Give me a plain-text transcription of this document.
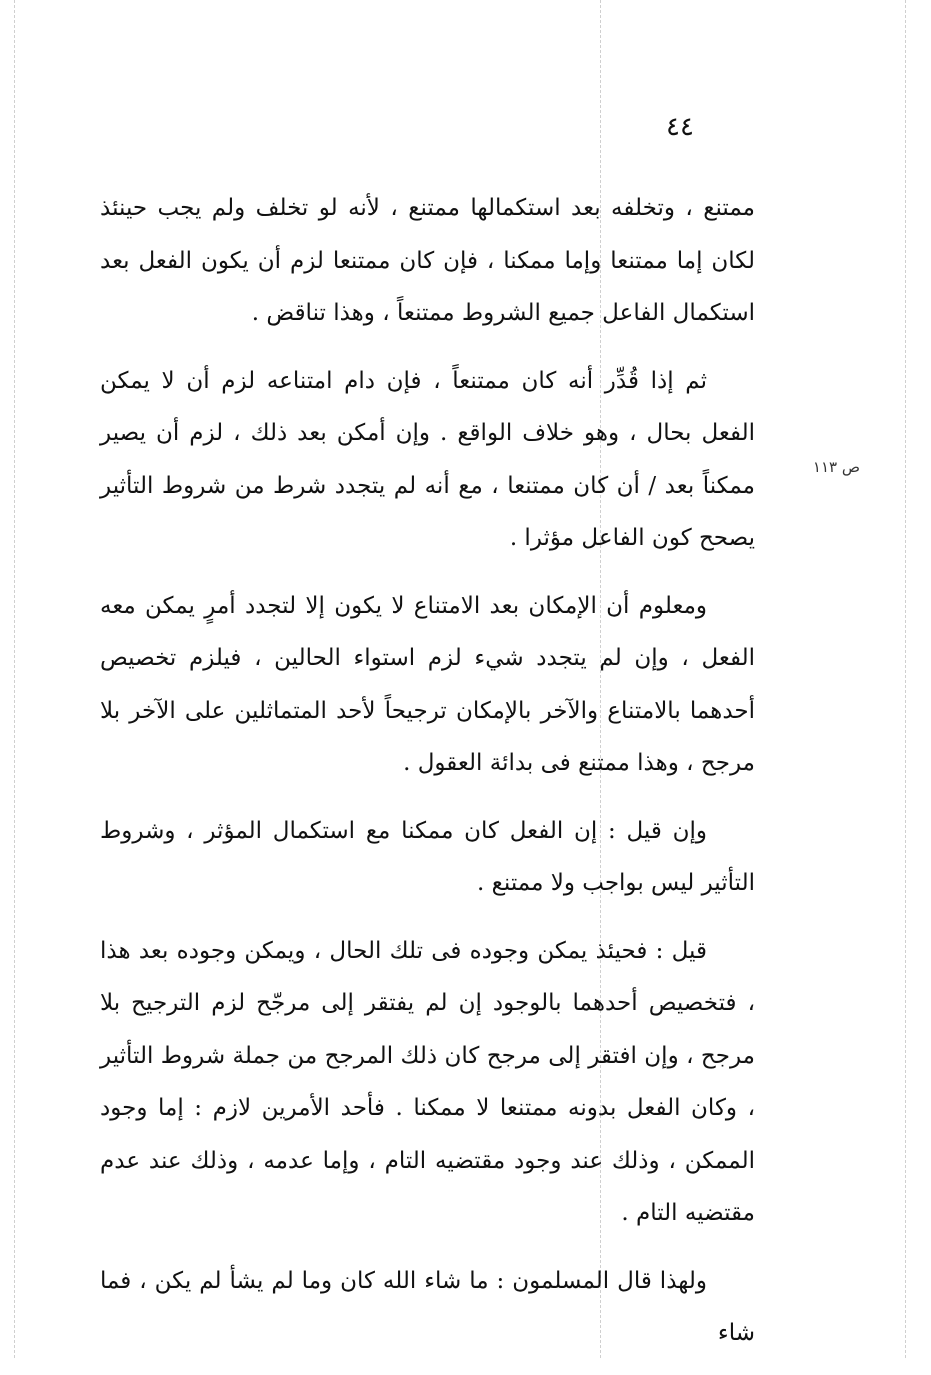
٤٤
ص ١١٣

ممتنع ، وتخلفه بعد استكمالها ممتنع ، لأنه لو تخلف ولم يجب حينئذ لكان إما ممتنعا وإما ممكنا ، فإن كان ممتنعا لزم أن يكون الفعل بعد استكمال الفاعل جميع الشروط ممتنعاً ، وهذا تناقض .

ثم إذا قُدِّر أنه كان ممتنعاً ، فإن دام امتناعه لزم أن لا يمكن الفعل بحال ، وهو خلاف الواقع . وإن أمكن بعد ذلك ، لزم أن يصير ممكناً بعد / أن كان ممتنعا ، مع أنه لم يتجدد شرط من شروط التأثير يصحح كون الفاعل مؤثرا .

ومعلوم أن الإمكان بعد الامتناع لا يكون إلا لتجدد أمرٍ يمكن معه الفعل ، وإن لم يتجدد شيء لزم استواء الحالين ، فيلزم تخصيص أحدهما بالامتناع والآخر بالإمكان ترجيحاً لأحد المتماثلين على الآخر بلا مرجح ، وهذا ممتنع فى بدائة العقول .

وإن قيل : إن الفعل كان ممكنا مع استكمال المؤثر ، وشروط التأثير ليس بواجب ولا ممتنع .

قيل : فحيئذ يمكن وجوده فى تلك الحال ، ويمكن وجوده بعد هذا ، فتخصيص أحدهما بالوجود إن لم يفتقر إلى مرجّح لزم الترجيح بلا مرجح ، وإن افتقر إلى مرجح كان ذلك المرجح من جملة شروط التأثير ، وكان الفعل بدونه ممتنعا لا ممكنا . فأحد الأمرين لازم : إما وجود الممكن ، وذلك عند وجود مقتضيه التام ، وإما عدمه ، وذلك عند عدم مقتضيه التام .

ولهذا قال المسلمون : ما شاء الله كان وما لم يشأ لم يكن ، فما شاء
